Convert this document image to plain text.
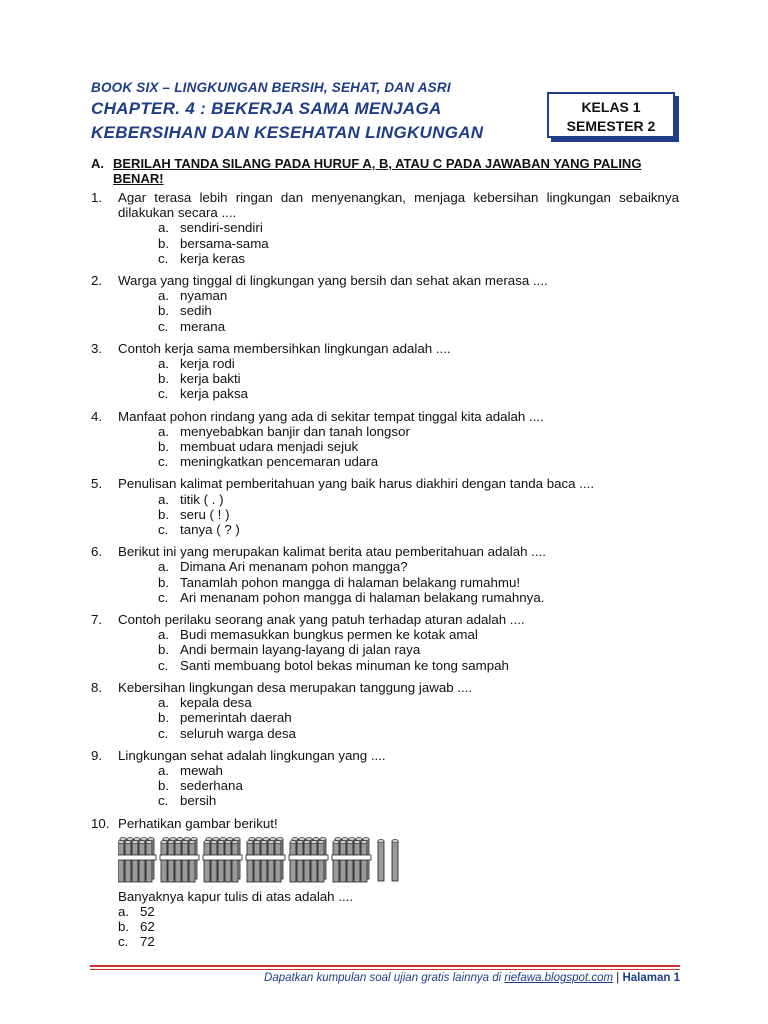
BOOK SIX – LINGKUNGAN BERSIH, SEHAT, DAN ASRI
CHAPTER. 4 : BEKERJA SAMA MENJAGA
KEBERSIHAN DAN KESEHATAN LINGKUNGAN
KELAS 1
SEMESTER 2
A. BERILAH TANDA SILANG PADA HURUF A, B, ATAU C PADA JAWABAN YANG PALING BENAR!
1. Agar terasa lebih ringan dan menyenangkan, menjaga kebersihan lingkungan sebaiknya dilakukan secara ....
a. sendiri-sendiri
b. bersama-sama
c. kerja keras
2. Warga yang tinggal di lingkungan yang bersih dan sehat akan merasa ....
a. nyaman
b. sedih
c. merana
3. Contoh kerja sama membersihkan lingkungan adalah ....
a. kerja rodi
b. kerja bakti
c. kerja paksa
4. Manfaat pohon rindang yang ada di sekitar tempat tinggal kita adalah ....
a. menyebabkan banjir dan tanah longsor
b. membuat udara menjadi sejuk
c. meningkatkan pencemaran udara
5. Penulisan kalimat pemberitahuan yang baik harus diakhiri dengan tanda baca ....
a. titik ( . )
b. seru ( ! )
c. tanya ( ? )
6. Berikut ini yang merupakan kalimat berita atau pemberitahuan adalah ....
a. Dimana Ari menanam pohon mangga?
b. Tanamlah pohon mangga di halaman belakang rumahmu!
c. Ari menanam pohon mangga di halaman belakang rumahnya.
7. Contoh perilaku seorang anak yang patuh terhadap aturan adalah ....
a. Budi memasukkan bungkus permen ke kotak amal
b. Andi bermain layang-layang di jalan raya
c. Santi membuang botol bekas minuman ke tong sampah
8. Kebersihan lingkungan desa merupakan tanggung jawab ....
a. kepala desa
b. pemerintah daerah
c. seluruh warga desa
9. Lingkungan sehat adalah lingkungan yang ....
a. mewah
b. sederhana
c. bersih
10. Perhatikan gambar berikut!
Banyaknya kapur tulis di atas adalah ....
a. 52
b. 62
c. 72
Dapatkan kumpulan soal ujian gratis lainnya di riefawa.blogspot.com | Halaman 1
